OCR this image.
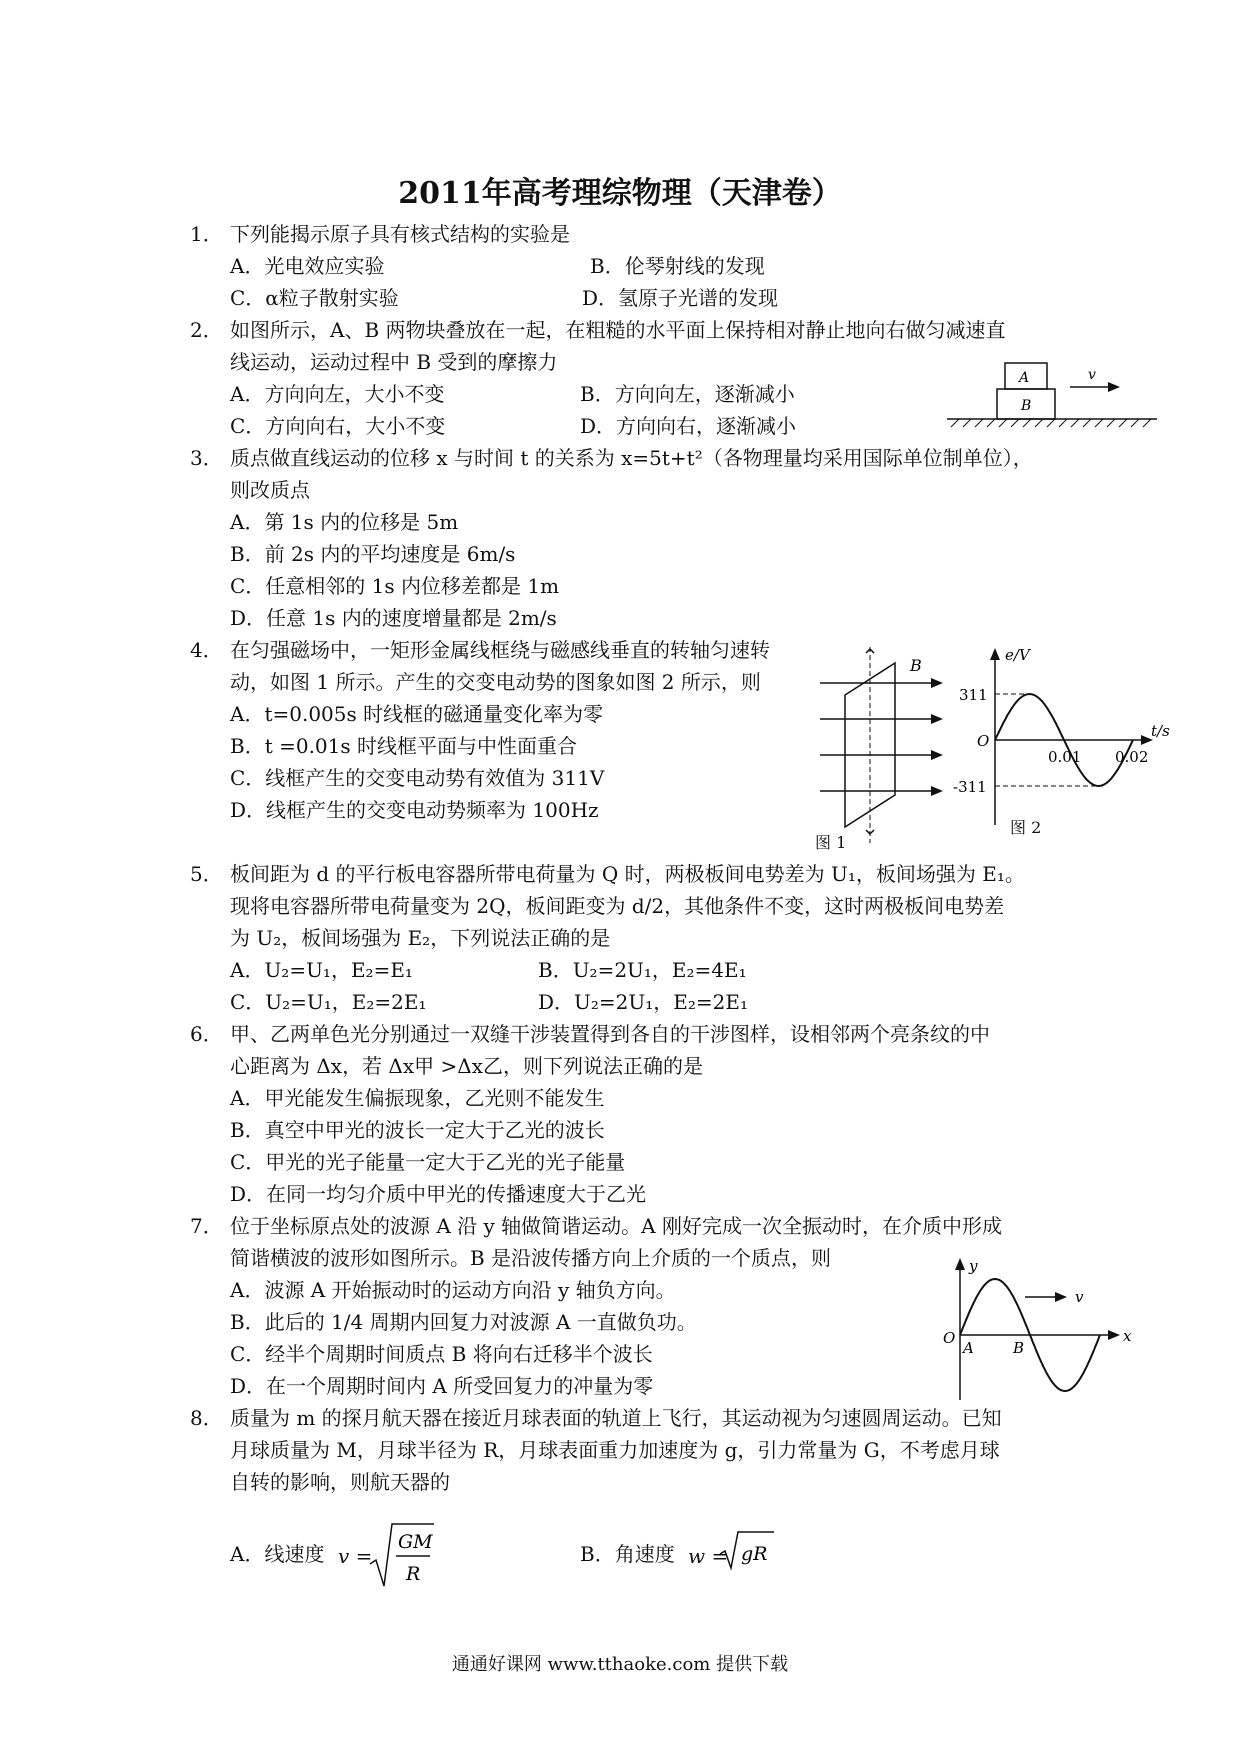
2011年高考理综物理（天津卷）
1． 下列能揭示原子具有核式结构的实验是
A．光电效应实验	B．伦琴射线的发现
C．α粒子散射实验	D．氢原子光谱的发现
2． 如图所示，A、B 两物块叠放在一起，在粗糙的水平面上保持相对静止地向右做匀减速直
线运动，运动过程中 B 受到的摩擦力
A．方向向左，大小不变	B．方向向左，逐渐减小
C．方向向右，大小不变	D．方向向右，逐渐减小
A
B
v
3． 质点做直线运动的位移 x 与时间 t 的关系为 x=5t+t²（各物理量均采用国际单位制单位），
则改质点
A．第 1s 内的位移是 5m
B．前 2s 内的平均速度是 6m/s
C．任意相邻的 1s 内位移差都是 1m
D．任意 1s 内的速度增量都是 2m/s
4． 在匀强磁场中，一矩形金属线框绕与磁感线垂直的转轴匀速转
动，如图 1 所示。产生的交变电动势的图象如图 2 所示，则
A．t=0.005s 时线框的磁通量变化率为零
B．t =0.01s 时线框平面与中性面重合
C．线框产生的交变电动势有效值为 311V
D．线框产生的交变电动势频率为 100Hz
B
图 1
e/V
t/s
O
311
-311
0.01 0.02
图 2
5． 板间距为 d 的平行板电容器所带电荷量为 Q 时，两极板间电势差为 U₁，板间场强为 E₁。
现将电容器所带电荷量变为 2Q，板间距变为 d/2，其他条件不变，这时两极板间电势差
为 U₂，板间场强为 E₂，下列说法正确的是
A．U₂=U₁，E₂=E₁	B．U₂=2U₁，E₂=4E₁
C．U₂=U₁，E₂=2E₁	D．U₂=2U₁，E₂=2E₁
6． 甲、乙两单色光分别通过一双缝干涉装置得到各自的干涉图样，设相邻两个亮条纹的中
心距离为 Δx，若 Δx甲 >Δx乙，则下列说法正确的是
A．甲光能发生偏振现象，乙光则不能发生
B．真空中甲光的波长一定大于乙光的波长
C．甲光的光子能量一定大于乙光的光子能量
D．在同一均匀介质中甲光的传播速度大于乙光
7． 位于坐标原点处的波源 A 沿 y 轴做简谐运动。A 刚好完成一次全振动时，在介质中形成
简谐横波的波形如图所示。B 是沿波传播方向上介质的一个质点，则
A．波源 A 开始振动时的运动方向沿 y 轴负方向。
B．此后的 1/4 周期内回复力对波源 A 一直做负功。
C．经半个周期时间质点 B 将向右迁移半个波长
D．在一个周期时间内 A 所受回复力的冲量为零
y
x
O
A	B
v
8． 质量为 m 的探月航天器在接近月球表面的轨道上飞行，其运动视为匀速圆周运动。已知
月球质量为 M，月球半径为 R，月球表面重力加速度为 g，引力常量为 G，不考虑月球
自转的影响，则航天器的
A．线速度 v =
GM
R
B．角速度 w = gR
通通好课网 www.tthaoke.com 提供下载
